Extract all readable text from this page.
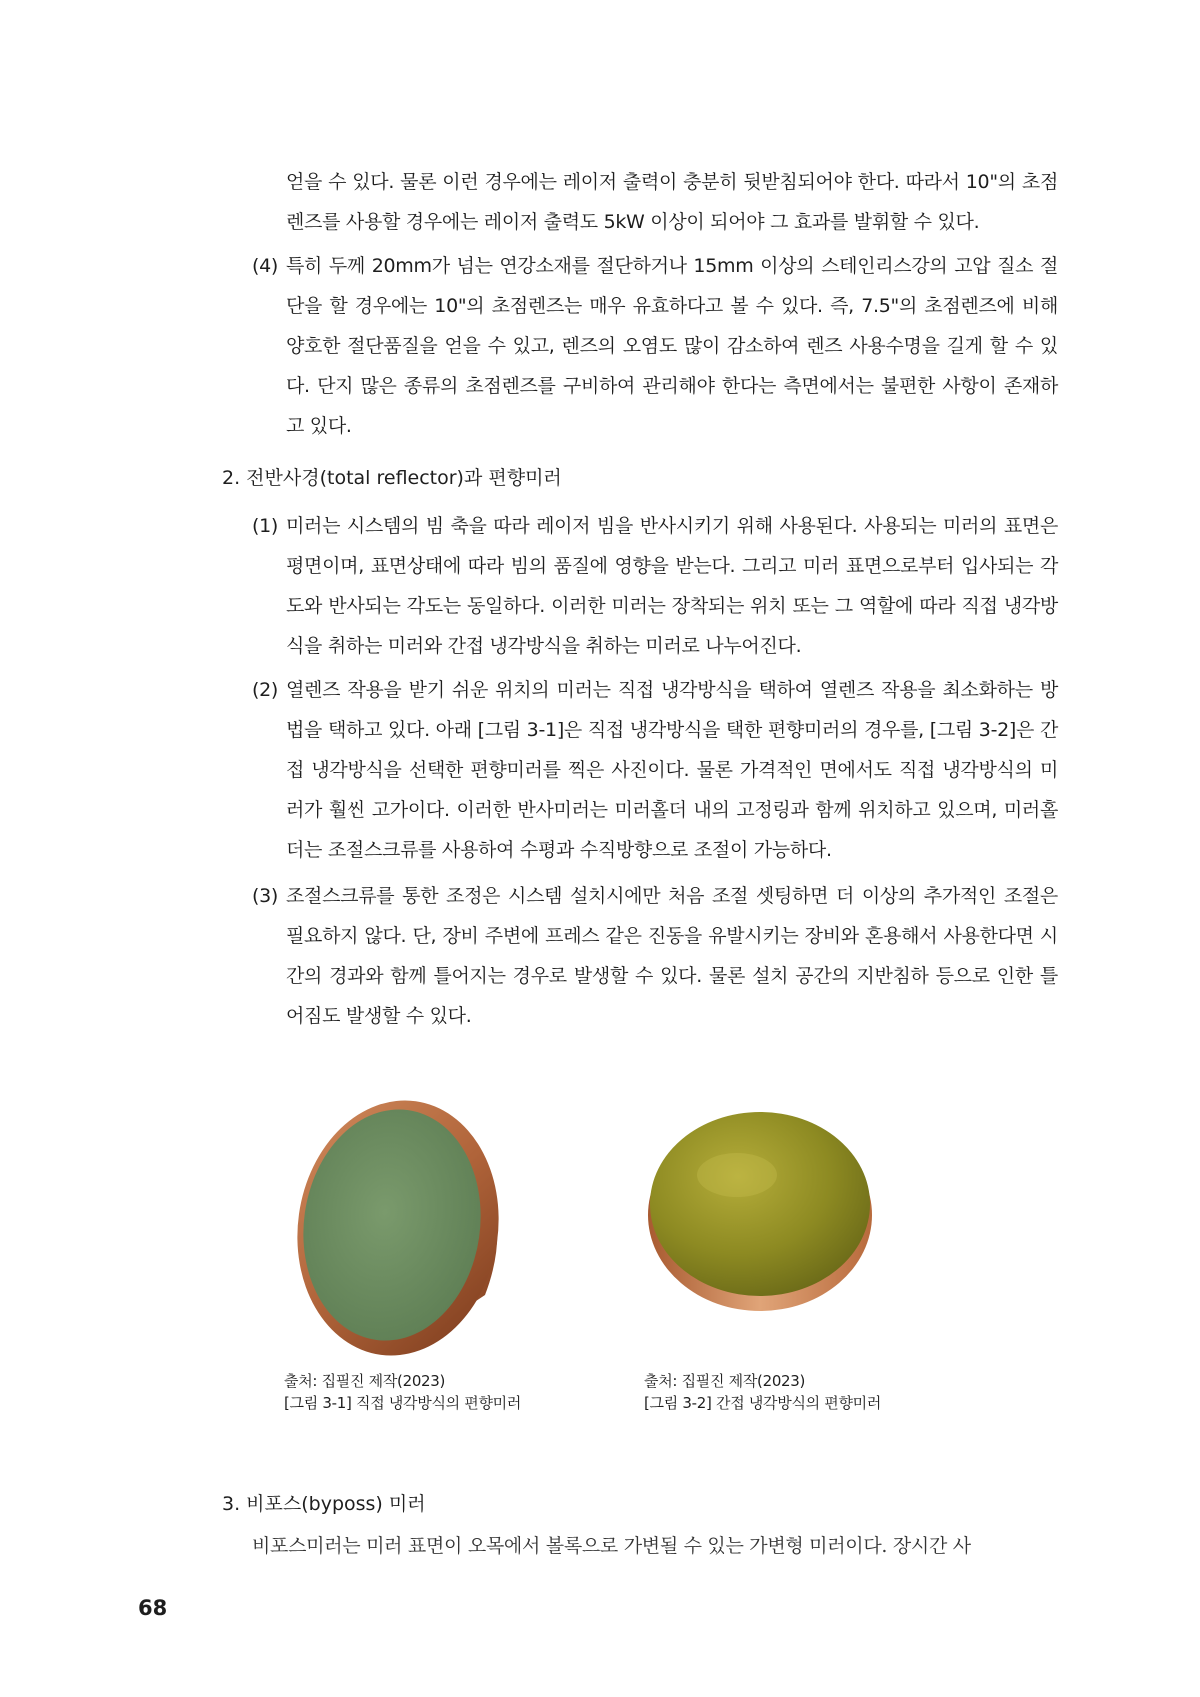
얻을 수 있다. 물론 이런 경우에는 레이저 출력이 충분히 뒷받침되어야 한다. 따라서 10"의 초점렌즈를 사용할 경우에는 레이저 출력도 5kW 이상이 되어야 그 효과를 발휘할 수 있다.

(4) 특히 두께 20mm가 넘는 연강소재를 절단하거나 15mm 이상의 스테인리스강의 고압 질소 절단을 할 경우에는 10"의 초점렌즈는 매우 유효하다고 볼 수 있다. 즉, 7.5"의 초점렌즈에 비해 양호한 절단품질을 얻을 수 있고, 렌즈의 오염도 많이 감소하여 렌즈 사용수명을 길게 할 수 있다. 단지 많은 종류의 초점렌즈를 구비하여 관리해야 한다는 측면에서는 불편한 사항이 존재하고 있다.

2. 전반사경(total reflector)과 편향미러

(1) 미러는 시스템의 빔 축을 따라 레이저 빔을 반사시키기 위해 사용된다. 사용되는 미러의 표면은 평면이며, 표면상태에 따라 빔의 품질에 영향을 받는다. 그리고 미러 표면으로부터 입사되는 각도와 반사되는 각도는 동일하다. 이러한 미러는 장착되는 위치 또는 그 역할에 따라 직접 냉각방식을 취하는 미러와 간접 냉각방식을 취하는 미러로 나누어진다.

(2) 열렌즈 작용을 받기 쉬운 위치의 미러는 직접 냉각방식을 택하여 열렌즈 작용을 최소화하는 방법을 택하고 있다. 아래 [그림 3-1]은 직접 냉각방식을 택한 편향미러의 경우를, [그림 3-2]은 간접 냉각방식을 선택한 편향미러를 찍은 사진이다. 물론 가격적인 면에서도 직접 냉각방식의 미러가 훨씬 고가이다. 이러한 반사미러는 미러홀더 내의 고정링과 함께 위치하고 있으며, 미러홀더는 조절스크류를 사용하여 수평과 수직방향으로 조절이 가능하다.

(3) 조절스크류를 통한 조정은 시스템 설치시에만 처음 조절 셋팅하면 더 이상의 추가적인 조절은 필요하지 않다. 단, 장비 주변에 프레스 같은 진동을 유발시키는 장비와 혼용해서 사용한다면 시간의 경과와 함께 틀어지는 경우로 발생할 수 있다. 물론 설치 공간의 지반침하 등으로 인한 틀어짐도 발생할 수 있다.

출처: 집필진 제작(2023)
[그림 3-1] 직접 냉각방식의 편향미러
출처: 집필진 제작(2023)
[그림 3-2] 간접 냉각방식의 편향미러

3. 비포스(byposs) 미러

비포스미러는 미러 표면이 오목에서 볼록으로 가변될 수 있는 가변형 미러이다. 장시간 사

68
